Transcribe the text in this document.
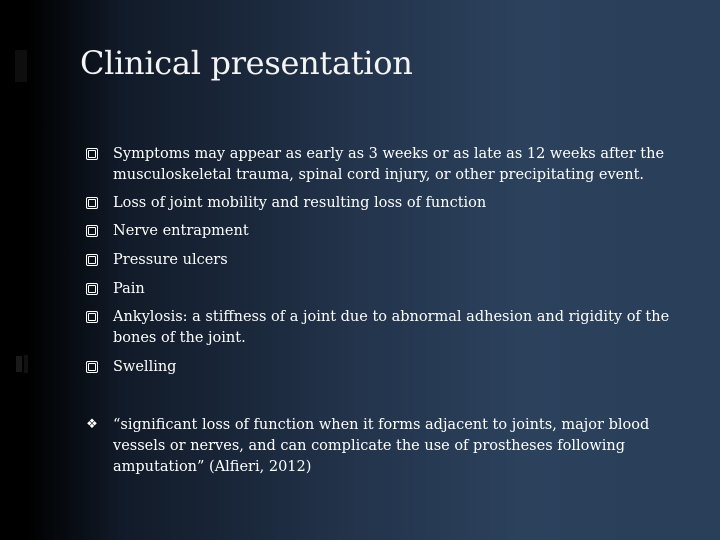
Clinical presentation
Symptoms may appear as early as 3 weeks or as late as 12 weeks after the musculoskeletal trauma, spinal cord injury, or other precipitating event.
Loss of joint mobility and resulting loss of function
Nerve entrapment
Pressure ulcers
Pain
Ankylosis: a stiffness of a joint due to abnormal adhesion and rigidity of the bones of the joint.
Swelling
❖ “significant loss of function when it forms adjacent to joints, major blood vessels or nerves, and can complicate the use of prostheses following amputation” (Alfieri, 2012)
